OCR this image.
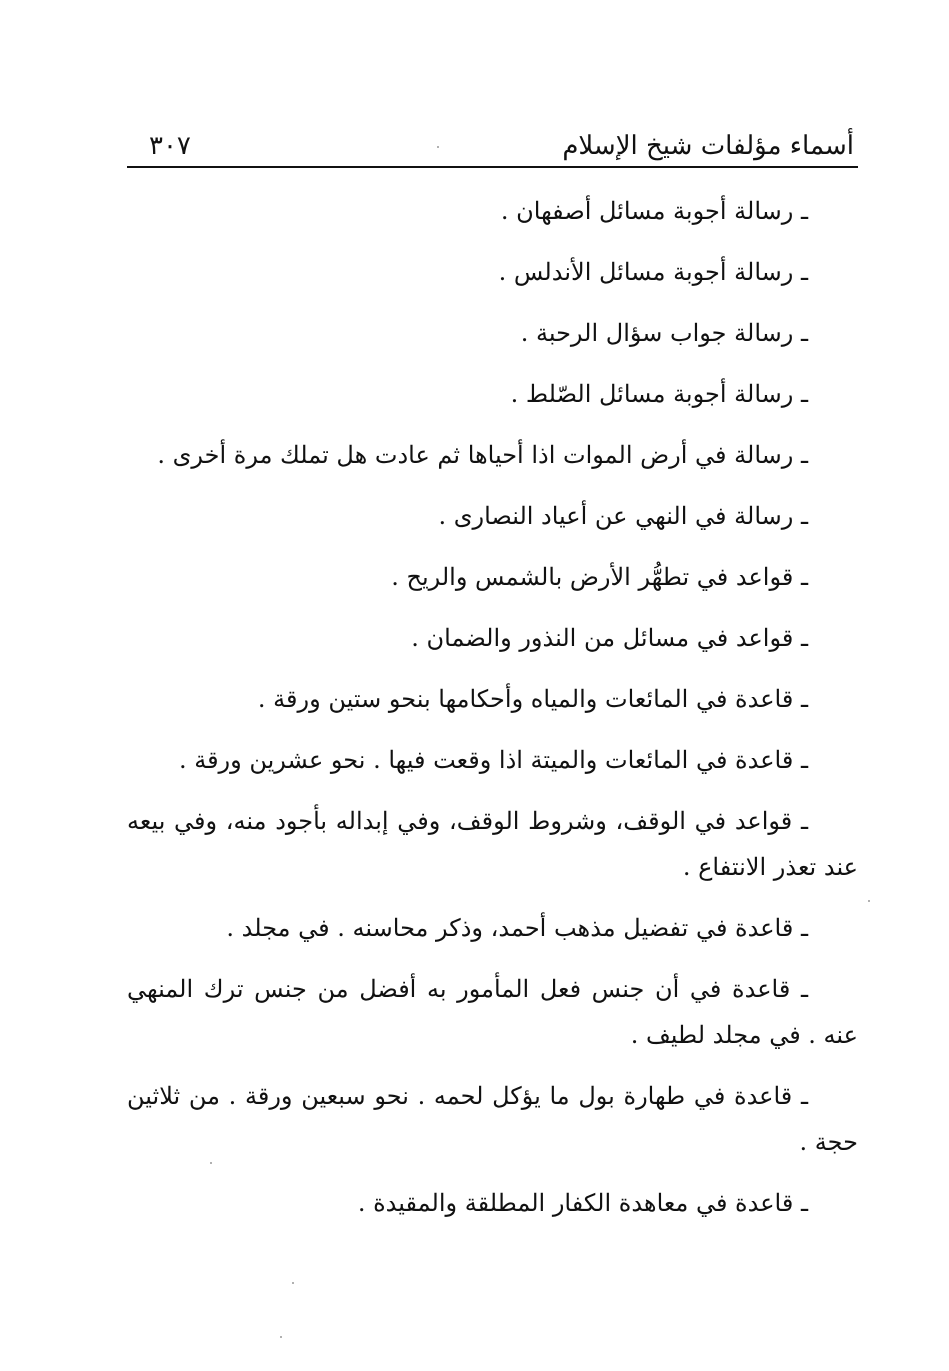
أسماء مؤلفات شيخ الإسلام
٣٠٧

ـ رسالة أجوبة مسائل أصفهان .

ـ رسالة أجوبة مسائل الأندلس .

ـ رسالة جواب سؤال الرحبة .

ـ رسالة أجوبة مسائل الصّلط .

ـ رسالة في أرض الموات اذا أحياها ثم عادت هل تملك مرة أخرى .

ـ رسالة في النهي عن أعياد النصارى .

ـ قواعد في تطهُّر الأرض بالشمس والريح .

ـ قواعد في مسائل من النذور والضمان .

ـ قاعدة في المائعات والمياه وأحكامها بنحو ستين ورقة .

ـ قاعدة في المائعات والميتة اذا وقعت فيها . نحو عشرين ورقة .

ـ قواعد في الوقف، وشروط الوقف، وفي إبداله بأجود منه، وفي بيعه عند تعذر الانتفاع .

ـ قاعدة في تفضيل مذهب أحمد، وذكر محاسنه . في مجلد .

ـ قاعدة في أن جنس فعل المأمور به أفضل من جنس ترك المنهي عنه . في مجلد لطيف .

ـ قاعدة في طهارة بول ما يؤكل لحمه . نحو سبعين ورقة . من ثلاثين حجة .

ـ قاعدة في معاهدة الكفار المطلقة والمقيدة .
